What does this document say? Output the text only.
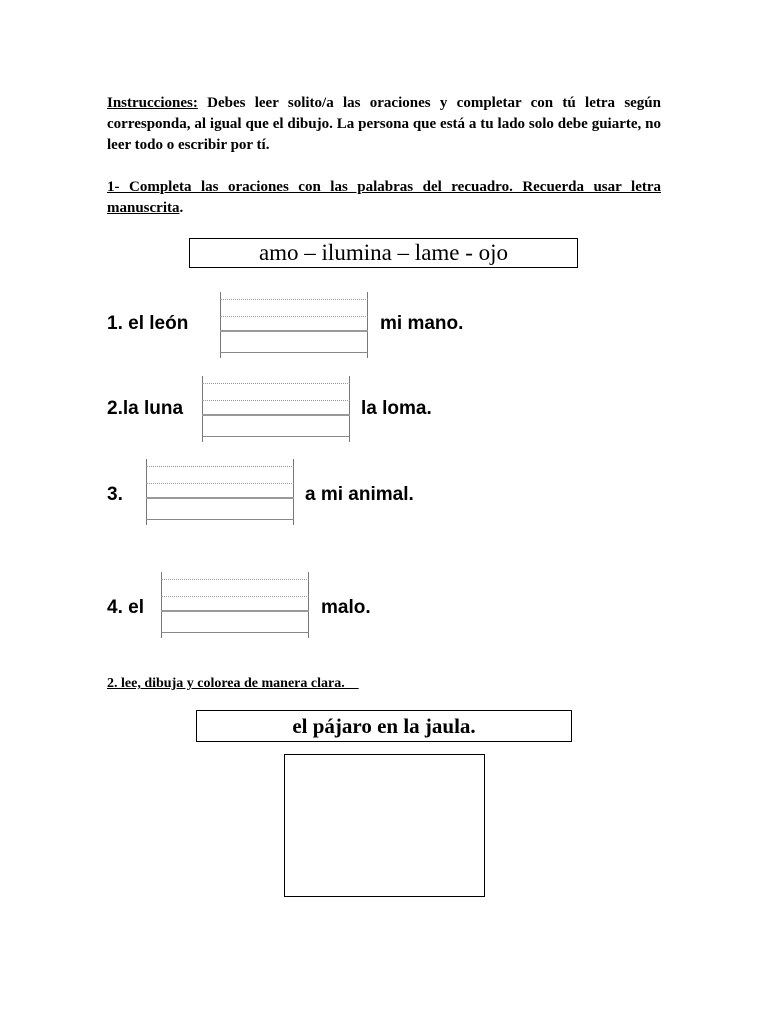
Instrucciones: Debes leer solito/a las oraciones y completar con tú letra según corresponda, al igual que el dibujo. La persona que está a tu lado solo debe guiarte, no leer todo o escribir por tí.
1- Completa las oraciones con las palabras del recuadro. Recuerda usar letra manuscrita.
amo – ilumina – lame - ojo
1. el león	mi mano.
2.la luna	la loma.
3.	a mi animal.
4. el	malo.
2. lee, dibuja y colorea de manera clara.
el pájaro en la jaula.
